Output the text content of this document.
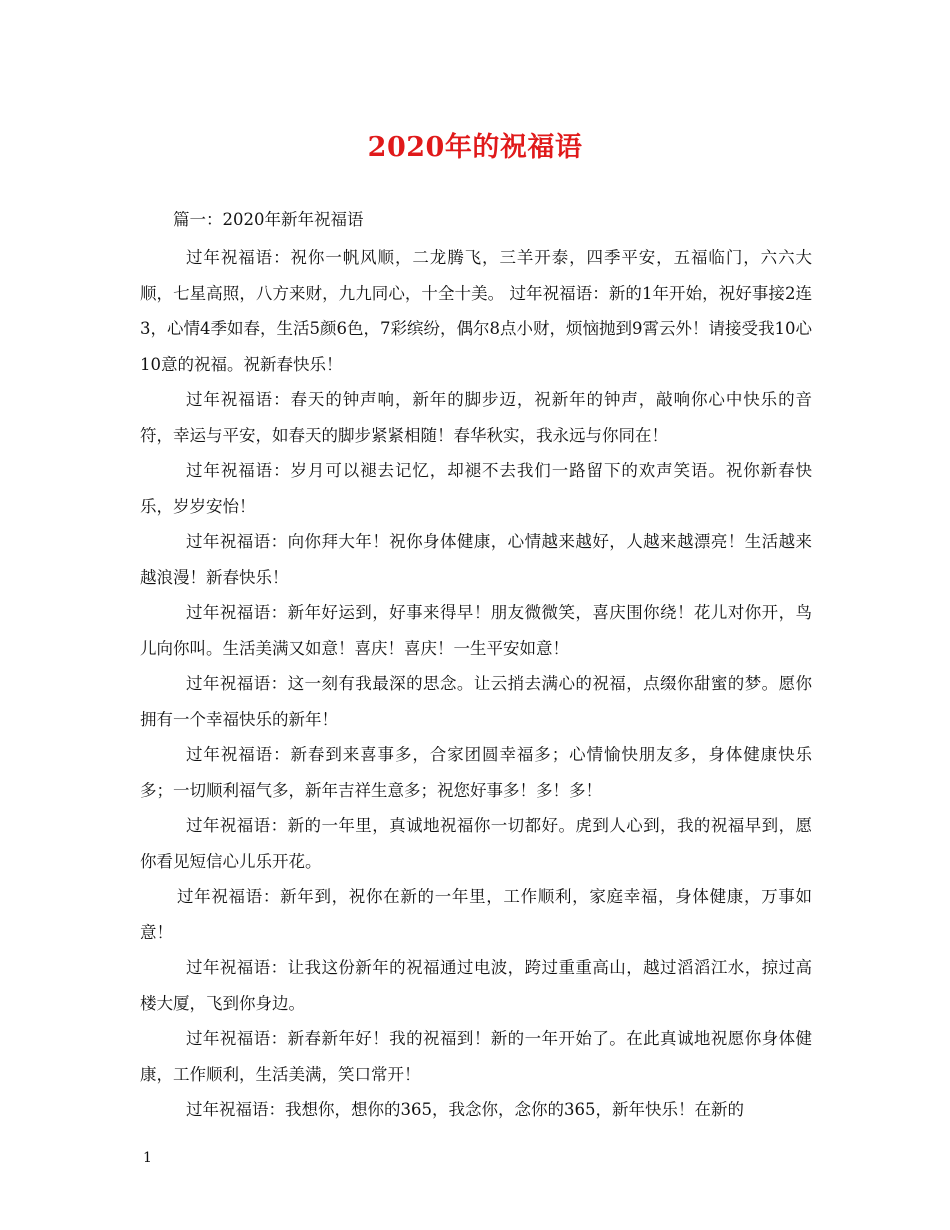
2020年的祝福语
篇一：2020年新年祝福语

过年祝福语：祝你一帆风顺，二龙腾飞，三羊开泰，四季平安，五福临门，六六大顺，七星高照，八方来财，九九同心，十全十美。 过年祝福语：新的1年开始，祝好事接2连3，心情4季如春，生活5颜6色，7彩缤纷，偶尔8点小财，烦恼抛到9霄云外！请接受我10心10意的祝福。祝新春快乐！

过年祝福语：春天的钟声响，新年的脚步迈，祝新年的钟声，敲响你心中快乐的音符，幸运与平安，如春天的脚步紧紧相随！春华秋实，我永远与你同在！

过年祝福语：岁月可以褪去记忆，却褪不去我们一路留下的欢声笑语。祝你新春快乐，岁岁安怡！

过年祝福语：向你拜大年！祝你身体健康，心情越来越好，人越来越漂亮！生活越来越浪漫！新春快乐！

过年祝福语：新年好运到，好事来得早！朋友微微笑，喜庆围你绕！花儿对你开，鸟儿向你叫。生活美满又如意！喜庆！喜庆！一生平安如意！

过年祝福语：这一刻有我最深的思念。让云捎去满心的祝福，点缀你甜蜜的梦。愿你拥有一个幸福快乐的新年！

过年祝福语：新春到来喜事多，合家团圆幸福多；心情愉快朋友多，身体健康快乐多；一切顺利福气多，新年吉祥生意多；祝您好事多！多！多！

过年祝福语：新的一年里，真诚地祝福你一切都好。虎到人心到，我的祝福早到，愿你看见短信心儿乐开花。

过年祝福语：新年到，祝你在新的一年里，工作顺利，家庭幸福，身体健康，万事如意！

过年祝福语：让我这份新年的祝福通过电波，跨过重重高山，越过滔滔江水，掠过高楼大厦，飞到你身边。

过年祝福语：新春新年好！我的祝福到！新的一年开始了。在此真诚地祝愿你身体健康，工作顺利，生活美满，笑口常开！

过年祝福语：我想你，想你的365，我念你，念你的365，新年快乐！在新的

1
